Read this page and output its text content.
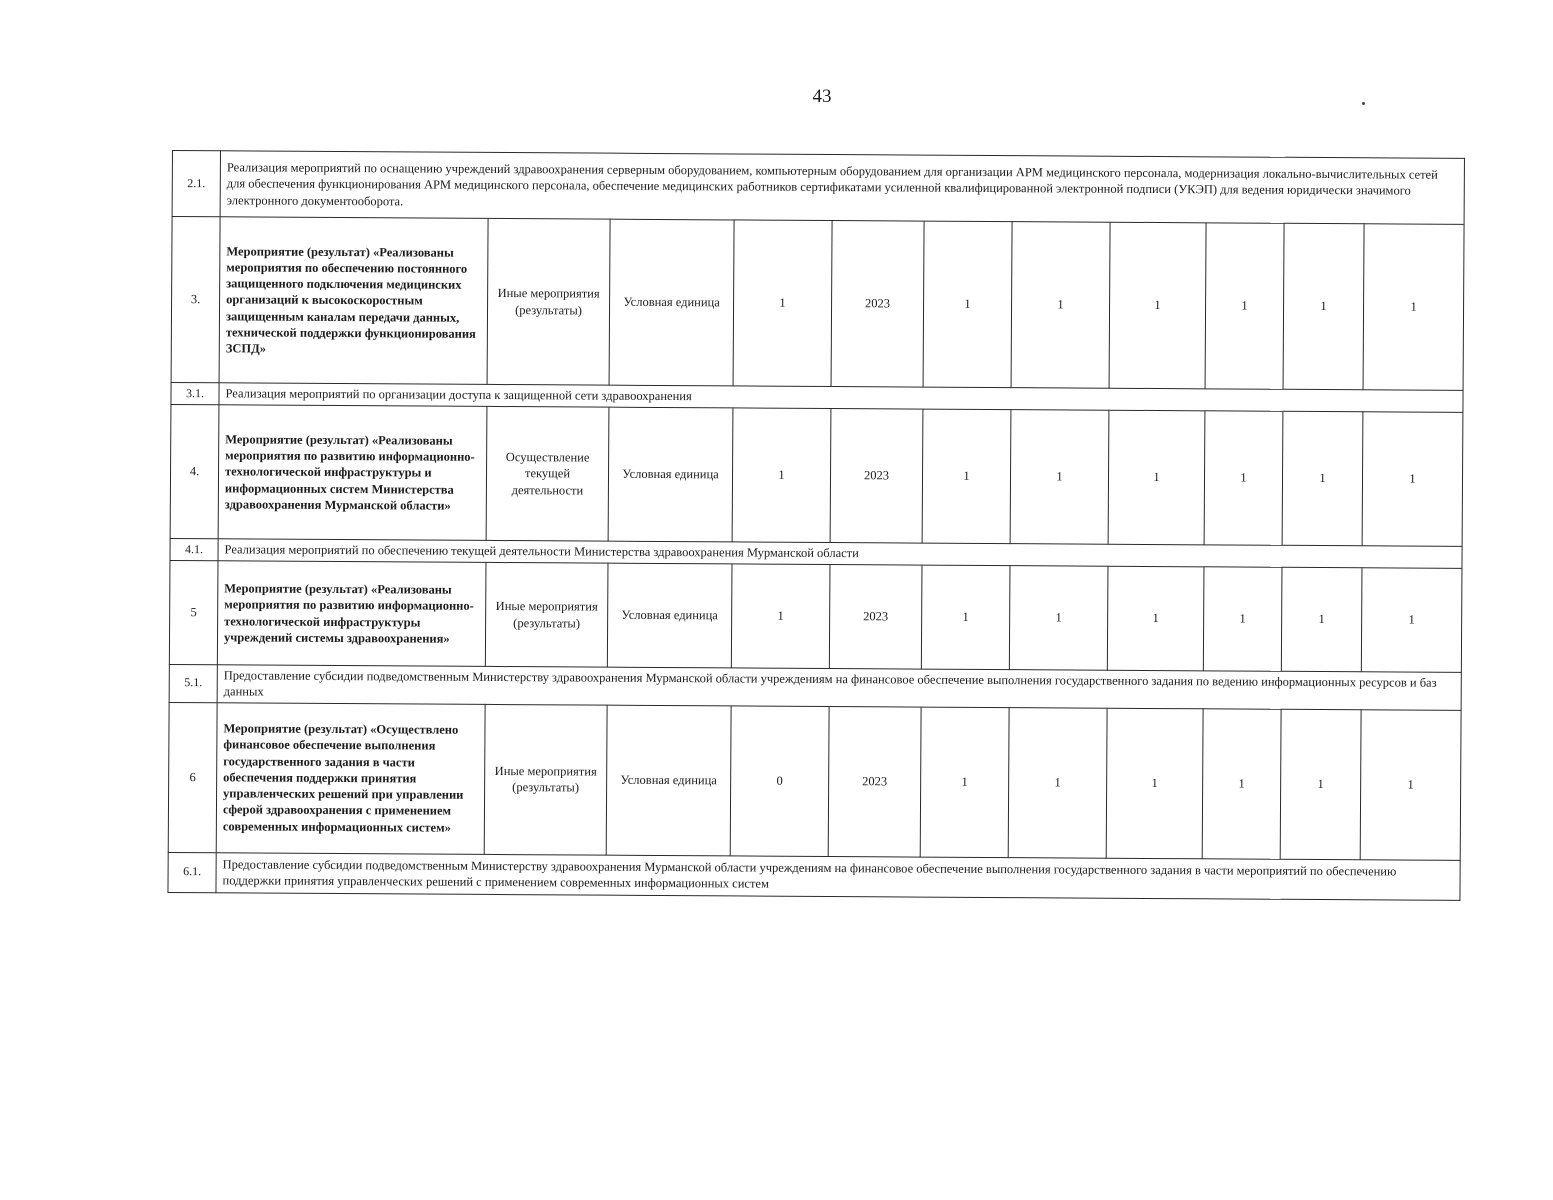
43
2.1.	Реализация мероприятий по оснащению учреждений здравоохранения серверным оборудованием, компьютерным оборудованием для организации АРМ медицинского персонала, модернизация локально-вычислительных сетей для обеспечения функционирования АРМ медицинского персонала, обеспечение медицинских работников сертификатами усиленной квалифицированной электронной подписи (УКЭП) для ведения юридически значимого электронного документооборота.										
3.	Мероприятие (результат) «Реализованы мероприятия по обеспечению постоянного защищенного подключения медицинских организаций к высокоскоростным защищенным каналам передачи данных, технической поддержки функционирования ЗСПД»	Иные мероприятия (результаты)	Условная единица	1	2023	1	1	1	1	1	1
3.1.	Реализация мероприятий по организации доступа к защищенной сети здравоохранения										
4.	Мероприятие (результат) «Реализованы мероприятия по развитию информационно-технологической инфраструктуры и информационных систем Министерства здравоохранения Мурманской области»	Осуществление текущей деятельности	Условная единица	1	2023	1	1	1	1	1	1
4.1.	Реализация мероприятий по обеспечению текущей деятельности Министерства здравоохранения Мурманской области										
5	Мероприятие (результат) «Реализованы мероприятия по развитию информационно-технологической инфраструктуры учреждений системы здравоохранения»	Иные мероприятия (результаты)	Условная единица	1	2023	1	1	1	1	1	1
5.1.	Предоставление субсидии подведомственным Министерству здравоохранения Мурманской области учреждениям на финансовое обеспечение выполнения государственного задания по ведению информационных ресурсов и баз данных										
6	Мероприятие (результат) «Осуществлено финансовое обеспечение выполнения государственного задания в части обеспечения поддержки принятия управленческих решений при управлении сферой здравоохранения с применением современных информационных систем»	Иные мероприятия (результаты)	Условная единица	0	2023	1	1	1	1	1	1
6.1.	Предоставление субсидии подведомственным Министерству здравоохранения Мурманской области учреждениям на финансовое обеспечение выполнения государственного задания в части мероприятий по обеспечению поддержки принятия управленческих решений с применением современных информационных систем										
